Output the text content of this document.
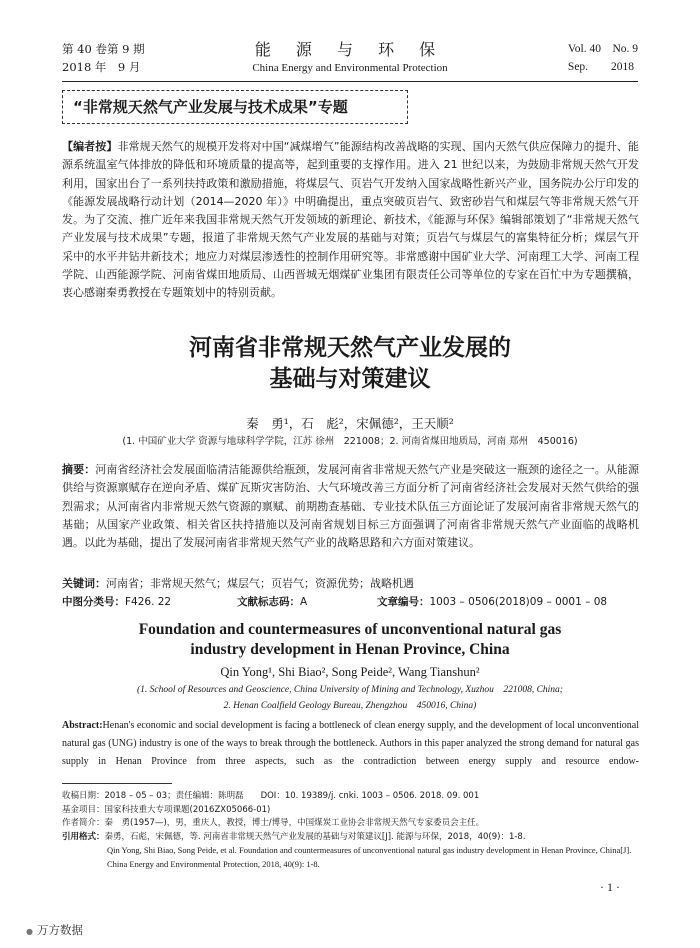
第 40 卷第 9 期
2018 年　9 月
能 源 与 环 保
China Energy and Environmental Protection
Vol. 40　No. 9
Sep.　　2018
“非常规天然气产业发展与技术成果”专题
【编者按】非常规天然气的规模开发将对中国“减煤增气”能源结构改善战略的实现、国内天然气供应保障力的提升、能源系统温室气体排放的降低和环境质量的提高等，起到重要的支撑作用。进入 21 世纪以来，为鼓励非常规天然气开发利用，国家出台了一系列扶持政策和激励措施，将煤层气、页岩气开发纳入国家战略性新兴产业，国务院办公厅印发的《能源发展战略行动计划（2014—2020 年）》中明确提出，重点突破页岩气、致密砂岩气和煤层气等非常规天然气开发。为了交流、推广近年来我国非常规天然气开发领域的新理论、新技术，《能源与环保》编辑部策划了“非常规天然气产业发展与技术成果”专题，报道了非常规天然气产业发展的基础与对策；页岩气与煤层气的富集特征分析；煤层气开采中的水平井钻井新技术；地应力对煤层渗透性的控制作用研究等。非常感谢中国矿业大学、河南理工大学、河南工程学院、山西能源学院、河南省煤田地质局、山西晋城无烟煤矿业集团有限责任公司等单位的专家在百忙中为专题撰稿，衷心感谢秦勇教授在专题策划中的特别贡献。
河南省非常规天然气产业发展的
基础与对策建议
秦　勇¹，石　彪²，宋佩德²，王天顺²
(1. 中国矿业大学 资源与地球科学学院，江苏 徐州　221008；2. 河南省煤田地质局，河南 郑州　450016)
摘要：河南省经济社会发展面临清洁能源供给瓶颈，发展河南省非常规天然气产业是突破这一瓶颈的途径之一。从能源供给与资源禀赋存在逆向矛盾、煤矿瓦斯灾害防治、大气环境改善三方面分析了河南省经济社会发展对天然气供给的强烈需求；从河南省内非常规天然气资源的禀赋、前期勘查基础、专业技术队伍三方面论证了发展河南省非常规天然气的基础；从国家产业政策、相关省区扶持措施以及河南省规划目标三方面强调了河南省非常规天然气产业面临的战略机遇。以此为基础，提出了发展河南省非常规天然气产业的战略思路和六方面对策建议。
关键词：河南省；非常规天然气；煤层气；页岩气；资源优势；战略机遇
中图分类号：F426. 22	文献标志码：A	文章编号：1003 – 0506(2018)09 – 0001 – 08
Foundation and countermeasures of unconventional natural gas
industry development in Henan Province, China
Qin Yong¹, Shi Biao², Song Peide², Wang Tianshun²
(1. School of Resources and Geoscience, China University of Mining and Technology, Xuzhou　221008, China;
2. Henan Coalfield Geology Bureau, Zhengzhou　450016, China)
Abstract:Henan's economic and social development is facing a bottleneck of clean energy supply, and the development of local unconventional natural gas (UNG) industry is one of the ways to break through the bottleneck. Authors in this paper analyzed the strong demand for natural gas supply in Henan Province from three aspects, such as the contradiction between energy supply and resource endow-
收稿日期：2018 – 05 – 03；责任编辑：陈明磊　　DOI：10. 19389/j. cnki. 1003 – 0506. 2018. 09. 001
基金项目：国家科技重大专项课题(2016ZX05066-01)
作者简介：秦　勇(1957—)，男，重庆人，教授，博士/博导，中国煤炭工业协会非常规天然气专家委员会主任。
引用格式：秦勇，石彪，宋佩德，等. 河南省非常规天然气产业发展的基础与对策建议[J]. 能源与环保，2018，40(9)：1-8.
Qin Yong, Shi Biao, Song Peide, et al. Foundation and countermeasures of unconventional natural gas industry development in Henan Province, China[J]. China Energy and Environmental Protection, 2018, 40(9): 1-8.
· 1 ·
● 万方数据
